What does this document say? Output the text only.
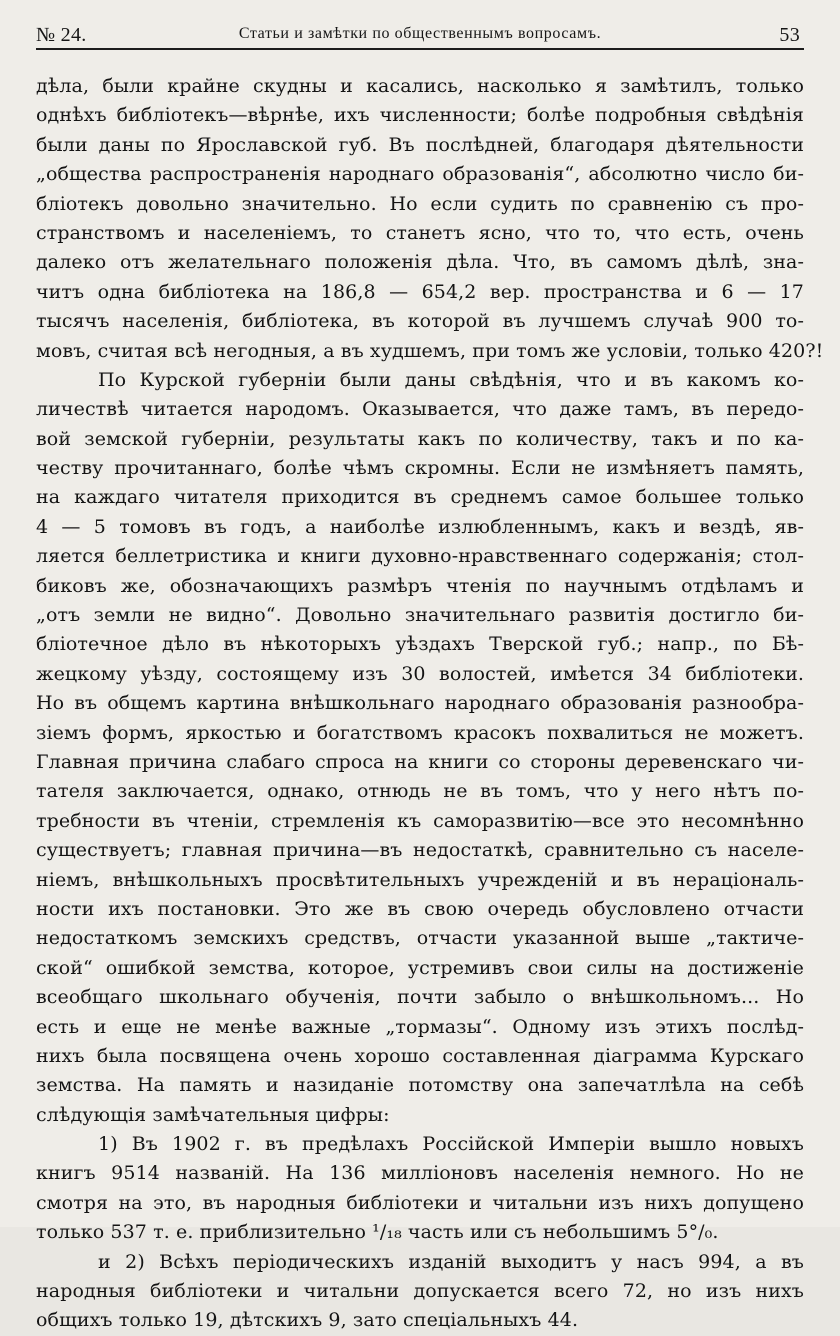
№ 24.	Статьи и замѣтки по общественнымъ вопросамъ.	53
дѣла, были крайне скудны и касались, насколько я замѣтилъ, только
однѣхъ библіотекъ—вѣрнѣе, ихъ численности; болѣе подробныя свѣдѣнія
были даны по Ярославской губ. Въ послѣдней, благодаря дѣятельности
„общества распространенія народнаго образованія“, абсолютно число би-
бліотекъ довольно значительно. Но если судить по сравненію съ про-
странствомъ и населеніемъ, то станетъ ясно, что то, что есть, очень
далеко отъ желательнаго положенія дѣла. Что, въ самомъ дѣлѣ, зна-
читъ одна библіотека на 186,8 — 654,2 вер. пространства и 6 — 17
тысячъ населенія, библіотека, въ которой въ лучшемъ случаѣ 900 то-
мовъ, считая всѣ негодныя, а въ худшемъ, при томъ же условіи, только 420?!
По Курской губерніи были даны свѣдѣнія, что и въ какомъ ко-
личествѣ читается народомъ. Оказывается, что даже тамъ, въ передо-
вой земской губерніи, результаты какъ по количеству, такъ и по ка-
честву прочитаннаго, болѣе чѣмъ скромны. Если не измѣняетъ память,
на каждаго читателя приходится въ среднемъ самое большее только
4 — 5 томовъ въ годъ, а наиболѣе излюбленнымъ, какъ и вездѣ, яв-
ляется беллетристика и книги духовно-нравственнаго содержанія; стол-
биковъ же, обозначающихъ размѣръ чтенія по научнымъ отдѣламъ и
„отъ земли не видно“. Довольно значительнаго развитія достигло би-
бліотечное дѣло въ нѣкоторыхъ уѣздахъ Тверской губ.; напр., по Бѣ-
жецкому уѣзду, состоящему изъ 30 волостей, имѣется 34 библіотеки.
Но въ общемъ картина внѣшкольнаго народнаго образованія разнообра-
зіемъ формъ, яркостью и богатствомъ красокъ похвалиться не можетъ.
Главная причина слабаго спроса на книги со стороны деревенскаго чи-
тателя заключается, однако, отнюдь не въ томъ, что у него нѣтъ по-
требности въ чтеніи, стремленія къ саморазвитію—все это несомнѣнно
существуетъ; главная причина—въ недостаткѣ, сравнительно съ населе-
ніемъ, внѣшкольныхъ просвѣтительныхъ учрежденій и въ нераціональ-
ности ихъ постановки. Это же въ свою очередь обусловлено отчасти
недостаткомъ земскихъ средствъ, отчасти указанной выше „тактиче-
ской“ ошибкой земства, которое, устремивъ свои силы на достиженіе
всеобщаго школьнаго обученія, почти забыло о внѣшкольномъ... Но
есть и еще не менѣе важные „тормазы“. Одному изъ этихъ послѣд-
нихъ была посвящена очень хорошо составленная діаграмма Курскаго
земства. На память и назиданіе потомству она запечатлѣла на себѣ
слѣдующія замѣчательныя цифры:
1) Въ 1902 г. въ предѣлахъ Россійской Имперіи вышло новыхъ
книгъ 9514 названій. На 136 милліоновъ населенія немного. Но не
смотря на это, въ народныя библіотеки и читальни изъ нихъ допущено
только 537 т. е. приблизительно ¹/₁₈ часть или съ небольшимъ 5°/₀.
и 2) Всѣхъ періодическихъ изданій выходитъ у насъ 994, а въ
народныя библіотеки и читальни допускается всего 72, но изъ нихъ
общихъ только 19, дѣтскихъ 9, зато спеціальныхъ 44.
